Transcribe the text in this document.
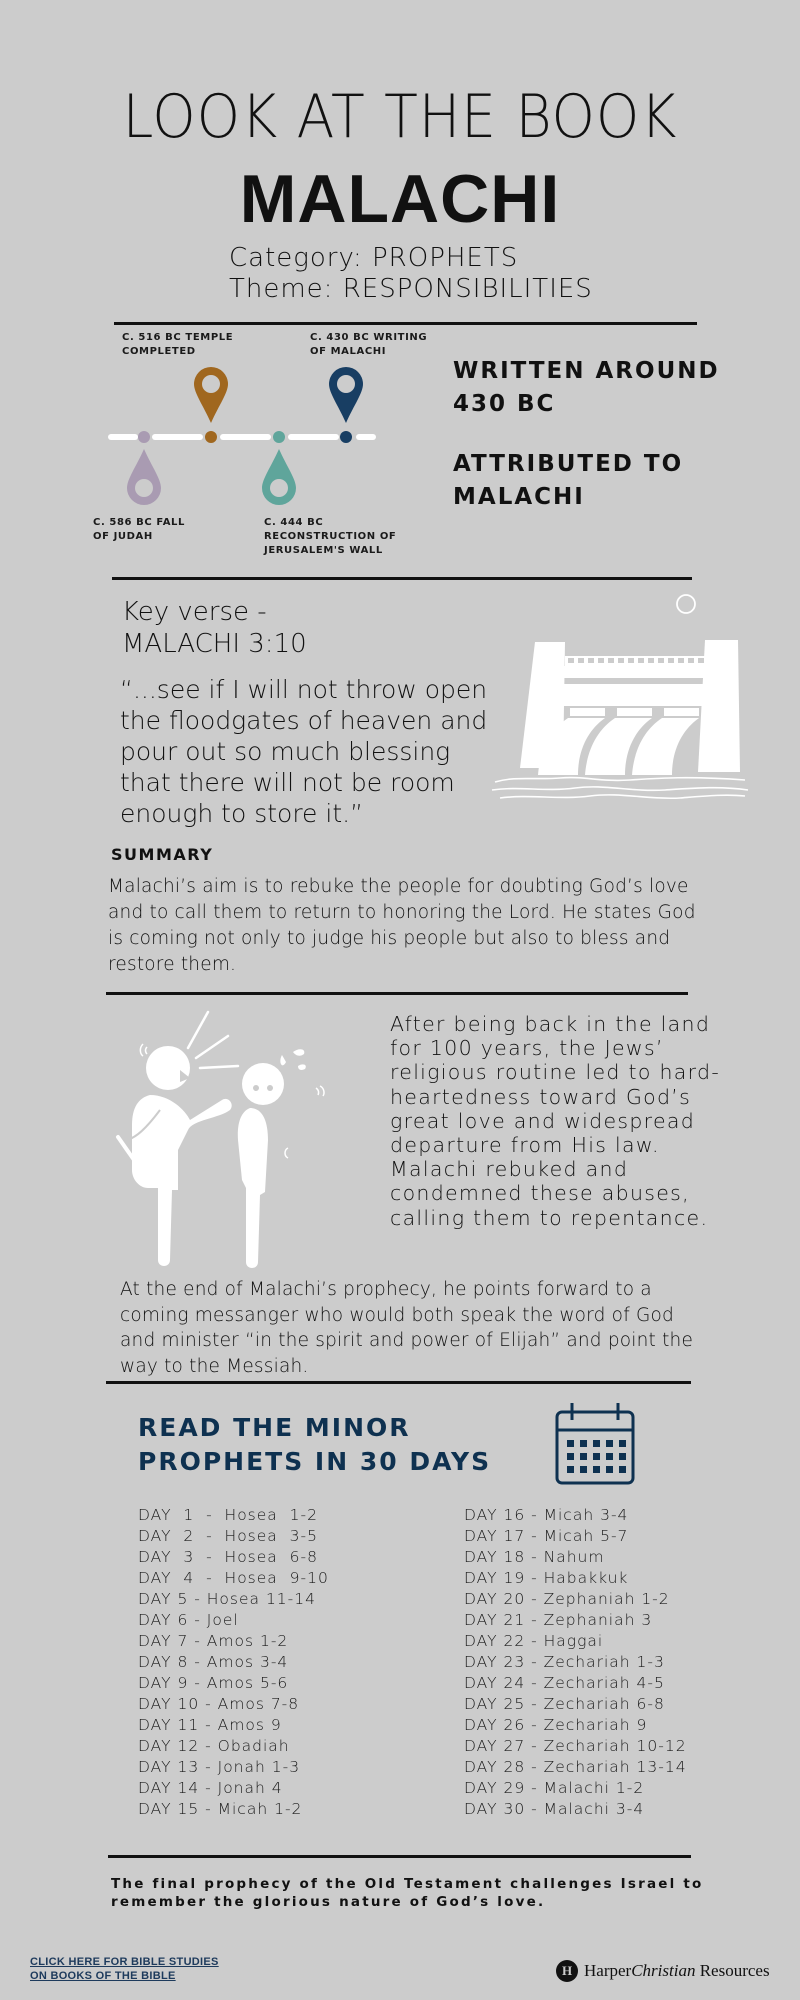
LOOK AT THE BOOK
MALACHI
Category: PROPHETS
Theme: RESPONSIBILITIES
C. 516 BC TEMPLE
COMPLETED
C. 430 BC WRITING
OF MALACHI
C. 586 BC FALL
OF JUDAH
C. 444 BC
RECONSTRUCTION OF
JERUSALEM'S WALL
WRITTEN AROUND
430 BC
ATTRIBUTED TO
MALACHI
Key verse -
MALACHI 3:10
“...see if I will not throw open the floodgates of heaven and pour out so much blessing that there will not be room enough to store it.”
SUMMARY
Malachi’s aim is to rebuke the people for doubting God’s love and to call them to return to honoring the Lord. He states God is coming not only to judge his people but also to bless and restore them.
After being back in the land for 100 years, the Jews’ religious routine led to hard-heartedness toward God’s great love and widespread departure from His law. Malachi rebuked and condemned these abuses, calling them to repentance.
At the end of Malachi’s prophecy, he points forward to a coming messanger who would both speak the word of God and minister “in the spirit and power of Elijah” and point the way to the Messiah.
READ THE MINOR
PROPHETS IN 30 DAYS
DAY  1  -  Hosea  1-2
DAY  2  -  Hosea  3-5
DAY  3  -  Hosea  6-8
DAY  4  -  Hosea  9-10
DAY 5 - Hosea 11-14
DAY 6 - Joel
DAY 7 - Amos 1-2
DAY 8 - Amos 3-4
DAY 9 - Amos 5-6
DAY 10 - Amos 7-8
DAY 11 - Amos 9
DAY 12 - Obadiah
DAY 13 - Jonah 1-3
DAY 14 - Jonah 4
DAY 15 - Micah 1-2
DAY 16 - Micah 3-4
DAY 17 - Micah 5-7
DAY 18 - Nahum
DAY 19 - Habakkuk
DAY 20 - Zephaniah 1-2
DAY 21 - Zephaniah 3
DAY 22 - Haggai
DAY 23 - Zechariah 1-3
DAY 24 - Zechariah 4-5
DAY 25 - Zechariah 6-8
DAY 26 - Zechariah 9
DAY 27 - Zechariah 10-12
DAY 28 - Zechariah 13-14
DAY 29 - Malachi 1-2
DAY 30 - Malachi 3-4
The final prophecy of the Old Testament challenges Israel to remember the glorious nature of God’s love.
CLICK HERE FOR BIBLE STUDIES
ON BOOKS OF THE BIBLE	H HarperChristian Resources
